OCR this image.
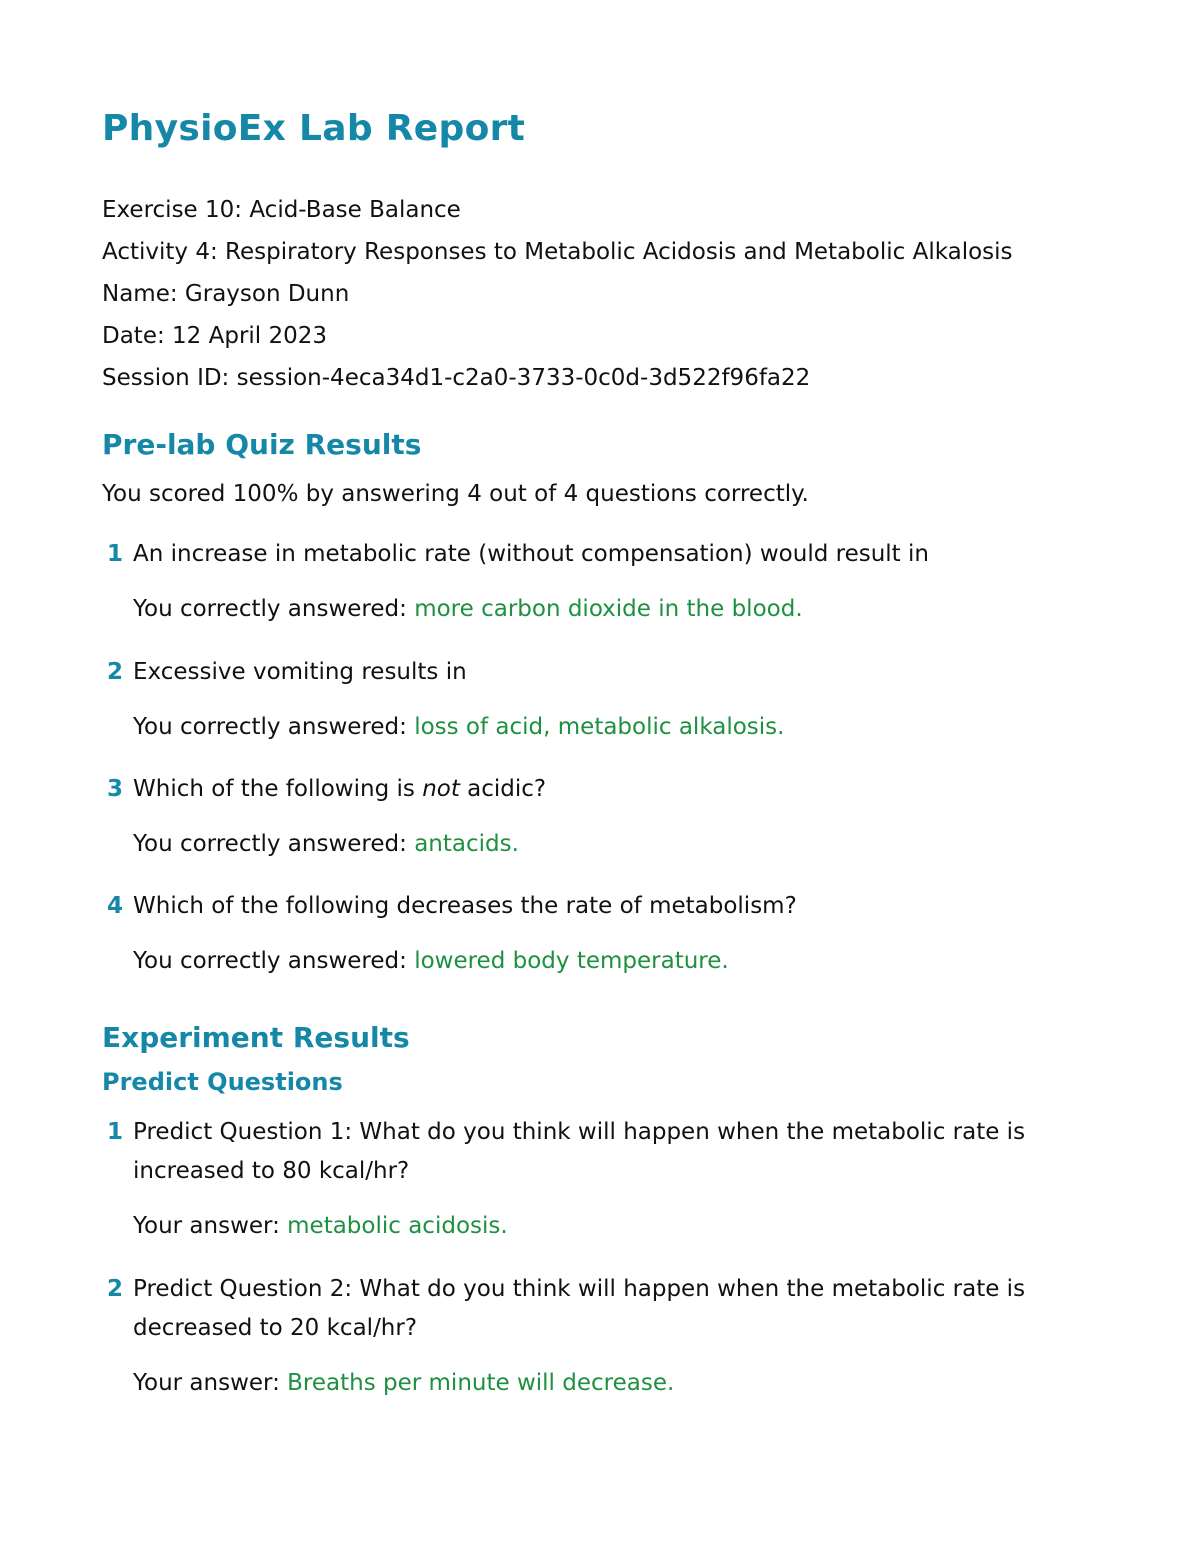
PhysioEx Lab Report
Exercise 10: Acid-Base Balance
Activity 4: Respiratory Responses to Metabolic Acidosis and Metabolic Alkalosis
Name: Grayson Dunn
Date: 12 April 2023
Session ID: session-4eca34d1-c2a0-3733-0c0d-3d522f96fa22
Pre-lab Quiz Results
You scored 100% by answering 4 out of 4 questions correctly.
1 An increase in metabolic rate (without compensation) would result in
You correctly answered: more carbon dioxide in the blood.
2 Excessive vomiting results in
You correctly answered: loss of acid, metabolic alkalosis.
3 Which of the following is not acidic?
You correctly answered: antacids.
4 Which of the following decreases the rate of metabolism?
You correctly answered: lowered body temperature.
Experiment Results
Predict Questions
1 Predict Question 1: What do you think will happen when the metabolic rate is increased to 80 kcal/hr?
Your answer: metabolic acidosis.
2 Predict Question 2: What do you think will happen when the metabolic rate is decreased to 20 kcal/hr?
Your answer: Breaths per minute will decrease.
